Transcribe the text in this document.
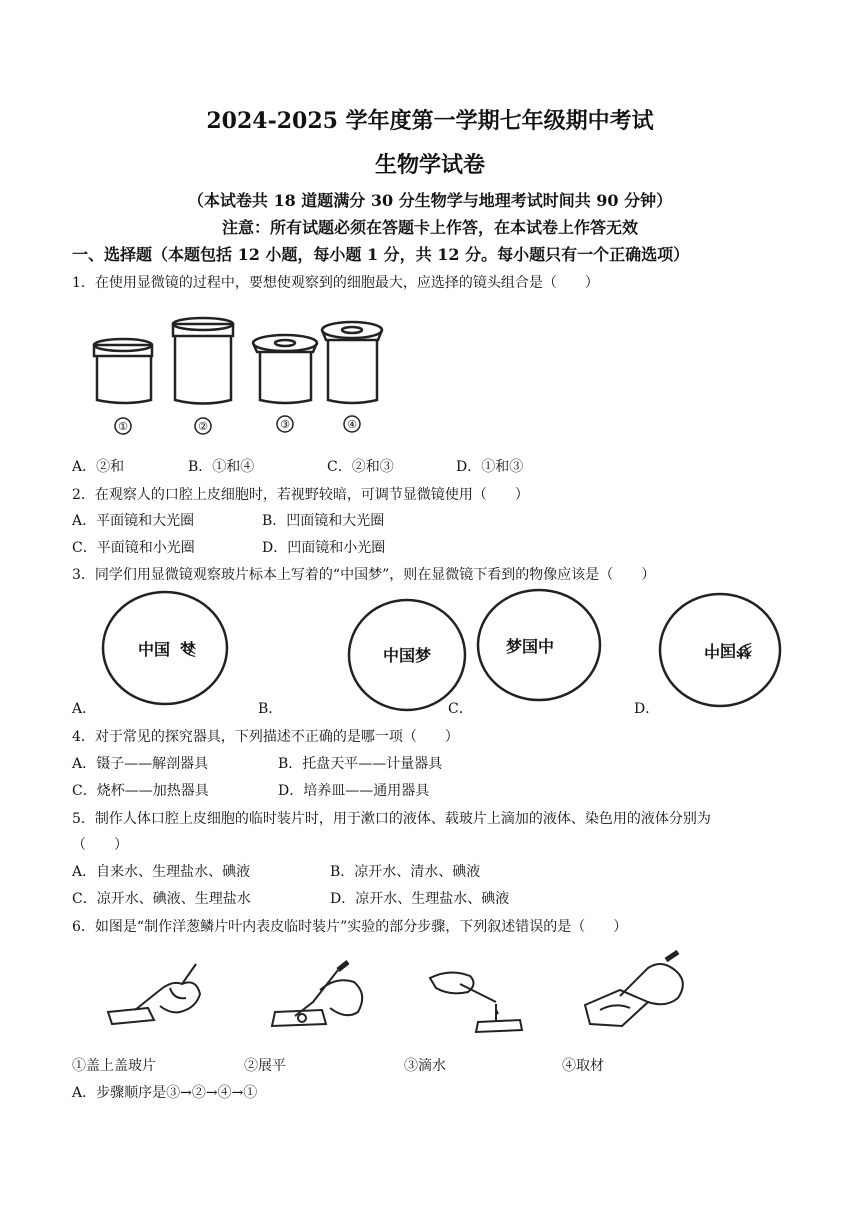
2024-2025 学年度第一学期七年级期中考试
生物学试卷
（本试卷共 18 道题满分 30 分生物学与地理考试时间共 90 分钟）
注意：所有试题必须在答题卡上作答，在本试卷上作答无效
一、选择题（本题包括 12 小题，每小题 1 分，共 12 分。每小题只有一个正确选项）
1．在使用显微镜的过程中，要想使观察到的细胞最大，应选择的镜头组合是（　　）
①	②	③	④
A．②和	B．①和④	C．②和③	D．①和③
2．在观察人的口腔上皮细胞时，若视野较暗，可调节显微镜使用（　　）
A．平面镜和大光圈	B．凹面镜和大光圈
C．平面镜和小光圈	D．凹面镜和小光圈
3．同学们用显微镜观察玻片标本上写着的“中国梦”，则在显微镜下看到的物像应该是（　　）
中国	中国梦	梦国中	梦国中
梦
A．	B．	C．	D．
4．对于常见的探究器具，下列描述不正确的是哪一项（　　）
A．镊子——解剖器具	B．托盘天平——计量器具
C．烧杯——加热器具	D．培养皿——通用器具
5．制作人体口腔上皮细胞的临时装片时，用于漱口的液体、载玻片上滴加的液体、染色用的液体分别为
（　　）
A．自来水、生理盐水、碘液	B．凉开水、清水、碘液
C．凉开水、碘液、生理盐水	D．凉开水、生理盐水、碘液
6．如图是“制作洋葱鳞片叶内表皮临时装片”实验的部分步骤，下列叙述错误的是（　　）
①盖上盖玻片	②展平	③滴水	④取材
A．步骤顺序是③→②→④→①
